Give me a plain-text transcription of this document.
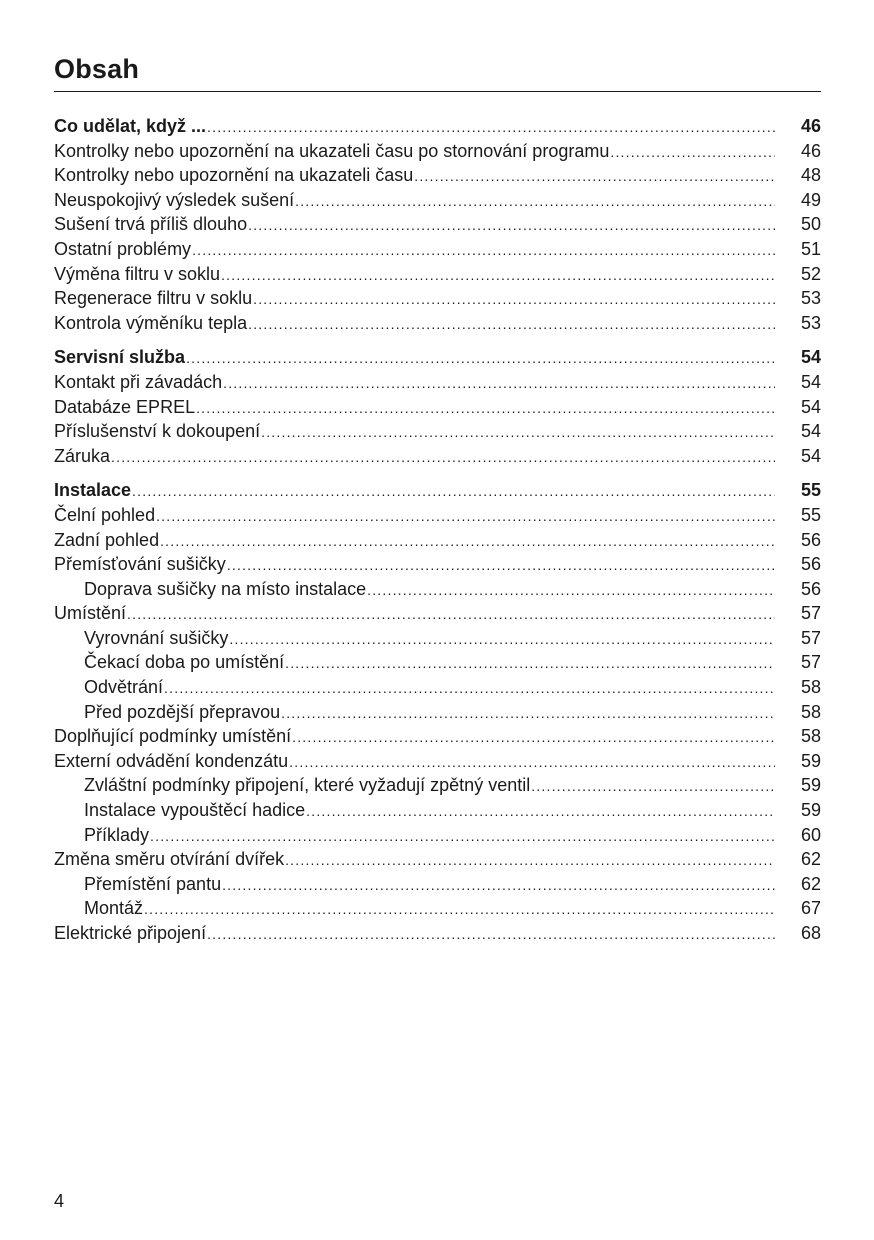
Obsah
Co udělat, když ... .....	46
Kontrolky nebo upozornění na ukazateli času po stornování programu .....	46
Kontrolky nebo upozornění na ukazateli času .....	48
Neuspokojivý výsledek sušení .....	49
Sušení trvá příliš dlouho .....	50
Ostatní problémy .....	51
Výměna filtru v soklu .....	52
Regenerace filtru v soklu .....	53
Kontrola výměníku tepla .....	53
Servisní služba .....	54
Kontakt při závadách .....	54
Databáze EPREL .....	54
Příslušenství k dokoupení .....	54
Záruka .....	54
Instalace .....	55
Čelní pohled .....	55
Zadní pohled .....	56
Přemísťování sušičky .....	56
Doprava sušičky na místo instalace .....	56
Umístění .....	57
Vyrovnání sušičky .....	57
Čekací doba po umístění .....	57
Odvětrání .....	58
Před pozdější přepravou .....	58
Doplňující podmínky umístění .....	58
Externí odvádění kondenzátu .....	59
Zvláštní podmínky připojení, které vyžadují zpětný ventil .....	59
Instalace vypouštěcí hadice .....	59
Příklady .....	60
Změna směru otvírání dvířek .....	62
Přemístění pantu .....	62
Montáž .....	67
Elektrické připojení .....	68
4
